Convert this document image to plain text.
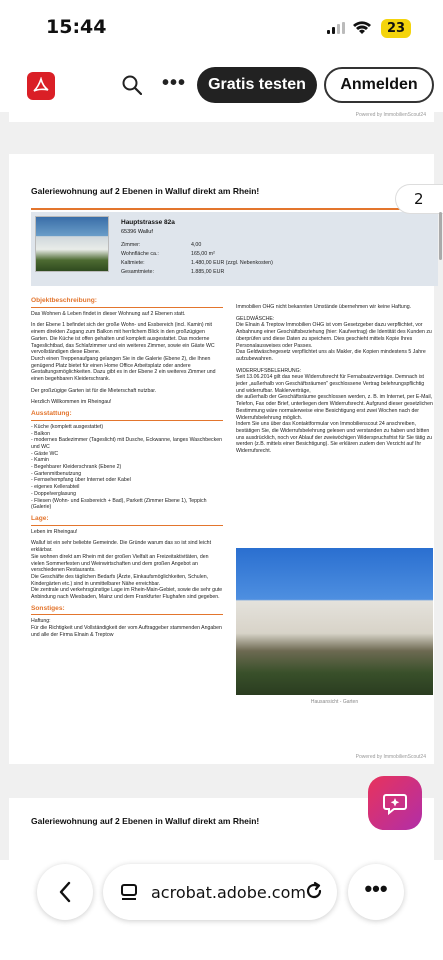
15:44	23
•••	Gratis testen	Anmelden
Powered by ImmobilienScout24
Galeriewohnung auf 2 Ebenen in Walluf direkt am Rhein!
Hauptstrasse 82a
65396 Walluf
Zimmer:	4,00
Wohnfläche ca.:	165,00 m²
Kaltmiete:	1.480,00 EUR (zzgl. Nebenkosten)
Gesamtmiete:	1.885,00 EUR
Objektbeschreibung:

Das Wohnen & Leben findet in dieser Wohnung auf 2 Ebenen statt.

In der Ebene 1 befindet sich der große Wohn- und Essbereich (incl. Kamin) mit einem direkten Zugang zum Balkon mit herrlichem Blick in den großzügigen Garten. Die Küche ist offen gehalten und komplett ausgestattet. Das moderne Tageslichtbad, das Schlafzimmer und ein weiteres Zimmer, sowie ein Gäste WC vervollständigen diese Ebene.
Durch einen Treppenaufgang gelangen Sie in die Galerie (Ebene 2), die Ihnen genügend Platz bietet für einen Home Office Arbeitsplatz oder andere Gestaltungsmöglichkeiten. Dazu gibt es in der Ebene 2 ein weiteres Zimmer und einen begehbaren Kleiderschrank.

Der großzügige Garten ist für die Mieterschaft nutzbar.

Herzlich Willkommen im Rheingau!

Ausstattung:

- Küche (komplett ausgestattet)
- Balkon
- modernes Badezimmer (Tageslicht) mit Dusche, Eckwanne, langes Waschbecken und WC
- Gäste WC
- Kamin
- Begehbarer Kleiderschrank (Ebene 2)
- Gartenmitbenutzung
- Fernsehempfang über Internet oder Kabel
- eigenes Kellerabteil
- Doppelverglasung
- Fliesen (Wohn- und Essbereich + Bad), Parkett (Zimmer Ebene 1), Teppich (Galerie)

Lage:

Leben im Rheingau!

Walluf ist ein sehr beliebte Gemeinde. Die Gründe warum das so ist sind leicht erklärbar.
Sie wohnen direkt am Rhein mit der großen Vielfalt an Freizeitaktivitäten, den vielen Sommerfesten und Weinwirtschaften und dem großen Angebot an verschiedenen Restaurants.
Die Geschäfte des täglichen Bedarfs (Ärzte, Einkaufsmöglichkeiten, Schulen, Kindergärten etc.) sind in unmittelbarer Nähe erreichbar.
Die zentrale und verkehrsgünstige Lage im Rhein-Main-Gebiet, sowie die sehr gute Anbindung nach Wiesbaden, Mainz und dem Frankfurter Flughafen sind gegeben.

Sonstiges:

Haftung:
Für die Richtigkeit und Vollständigkeit der vom Auftraggeber stammenden Angaben und alle der Firma Elnain & Treptow

Immobilien OHG nicht bekannten Umstände übernehmen wir keine Haftung.

GELDWÄSCHE:
Die Elnain & Treptow Immobilien OHG ist vom Gesetzgeber dazu verpflichtet, vor Anbahnung einer Geschäftsbeziehung (hier: Kaufvertrag) die Identität des Kunden zu überprüfen und diese Daten zu speichern. Dies geschieht mittels Kopie Ihres Personalausweises oder Passes.
Das Geldwäschegesetz verpflichtet uns als Makler, die Kopien mindestens 5 Jahre aufzubewahren.

WIDERRUFSBELEHRUNG:
Seit 13.06.2014 gilt das neue Widerrufsrecht für Fernabsatzverträge. Demnach ist jeder „außerhalb von Geschäftsräumen" geschlossene Vertrag belehrungspflichtig und widerrufbar. Maklerverträge,
die außerhalb der Geschäftsräume geschlossen werden, z. B. im Internet, per E-Mail, Telefon, Fax oder Brief, unterliegen dem Widerrufsrecht. Aufgrund dieser gesetzlichen Bestimmung wäre normalerweise eine Besichtigung erst zwei Wochen nach der Widerrufsbelehrung möglich.
Indem Sie uns über das Kontaktformular von Immobilienscout 24 anschreiben, bestätigen Sie, die Widerrufsbelehrung gelesen und verstanden zu haben und bitten uns ausdrücklich, noch vor Ablauf der zweiwöchigen Widerspruchsfrist für Sie tätig zu werden (z.B. mittels einer Besichtigung). Sie erklären zudem den Verzicht auf Ihr Widerrufsrecht.

Hausansicht - Garten
Powered by ImmobilienScout24
Galeriewohnung auf 2 Ebenen in Walluf direkt am Rhein!
2
acrobat.adobe.com	•••
